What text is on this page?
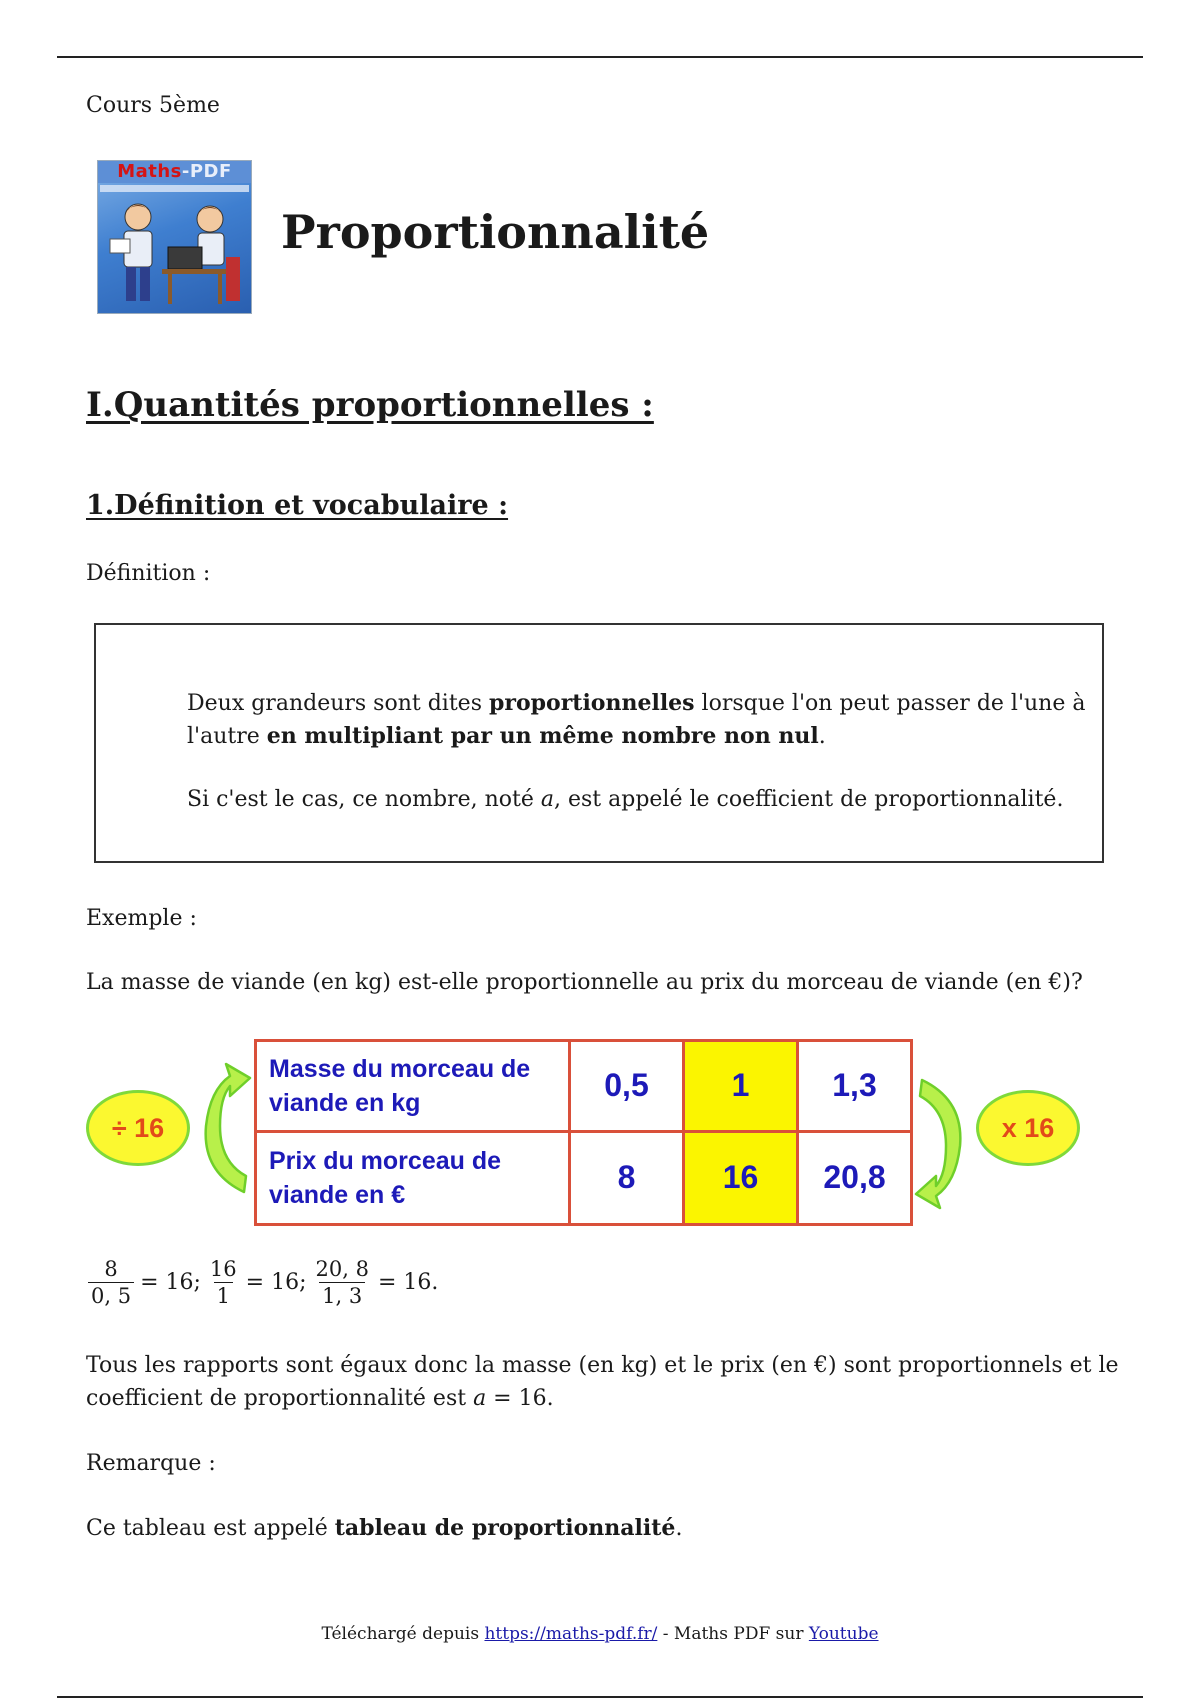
Cours 5ème
Maths-PDF
Proportionnalité
I.Quantités proportionnelles :
1.Définition et vocabulaire :
Définition :
Deux grandeurs sont dites proportionnelles lorsque l'on peut passer de l'une à l'autre en multipliant par un même nombre non nul.
Si c'est le cas, ce nombre, noté a, est appelé le coefficient de proportionnalité.
Exemple :
La masse de viande (en kg) est-elle proportionnelle au prix du morceau de viande (en €)?
÷ 16	x 16
Masse du morceau de viande en kg	0,5	1	1,3
Prix du morceau de viande en €	8	16	20,8
$\frac{8}{0, 5} = 16$; $\frac{16}{1} = 16$; $\frac{20, 8}{1, 3} = 16$.
Tous les rapports sont égaux donc la masse (en kg) et le prix (en €) sont proportionnels et le coefficient de proportionnalité est a = 16.
Remarque :
Ce tableau est appelé tableau de proportionnalité.
Téléchargé depuis https://maths-pdf.fr/ - Maths PDF sur Youtube
